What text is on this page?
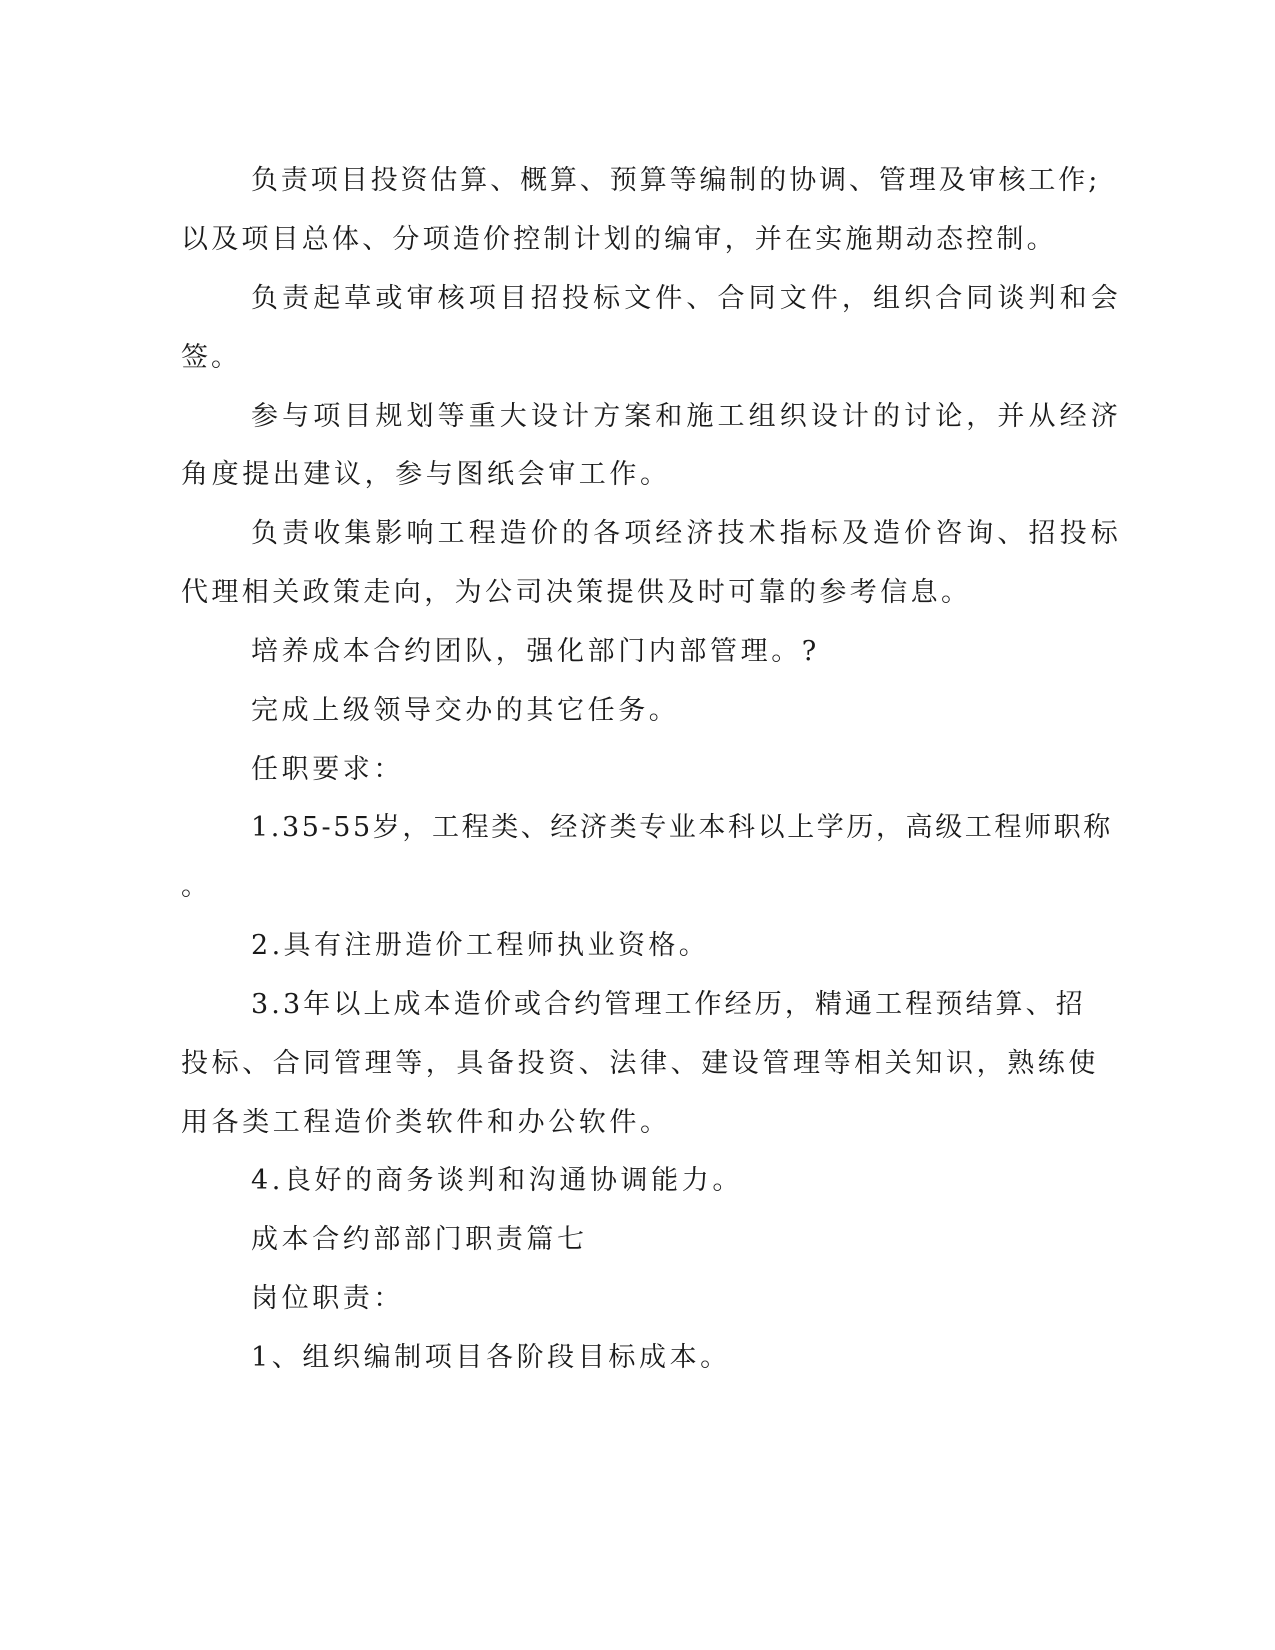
负责项目投资估算、概算、预算等编制的协调、管理及审核工作;

以及项目总体、分项造价控制计划的编审，并在实施期动态控制。

负责起草或审核项目招投标文件、合同文件，组织合同谈判和会

签。

参与项目规划等重大设计方案和施工组织设计的讨论，并从经济

角度提出建议，参与图纸会审工作。

负责收集影响工程造价的各项经济技术指标及造价咨询、招投标

代理相关政策走向，为公司决策提供及时可靠的参考信息。

培养成本合约团队，强化部门内部管理。?

完成上级领导交办的其它任务。

任职要求：

1.35-55岁，工程类、经济类专业本科以上学历，高级工程师职称

。

2.具有注册造价工程师执业资格。

3.3年以上成本造价或合约管理工作经历，精通工程预结算、招

投标、合同管理等，具备投资、法律、建设管理等相关知识，熟练使

用各类工程造价类软件和办公软件。

4.良好的商务谈判和沟通协调能力。

成本合约部部门职责篇七

岗位职责：

1、组织编制项目各阶段目标成本。
